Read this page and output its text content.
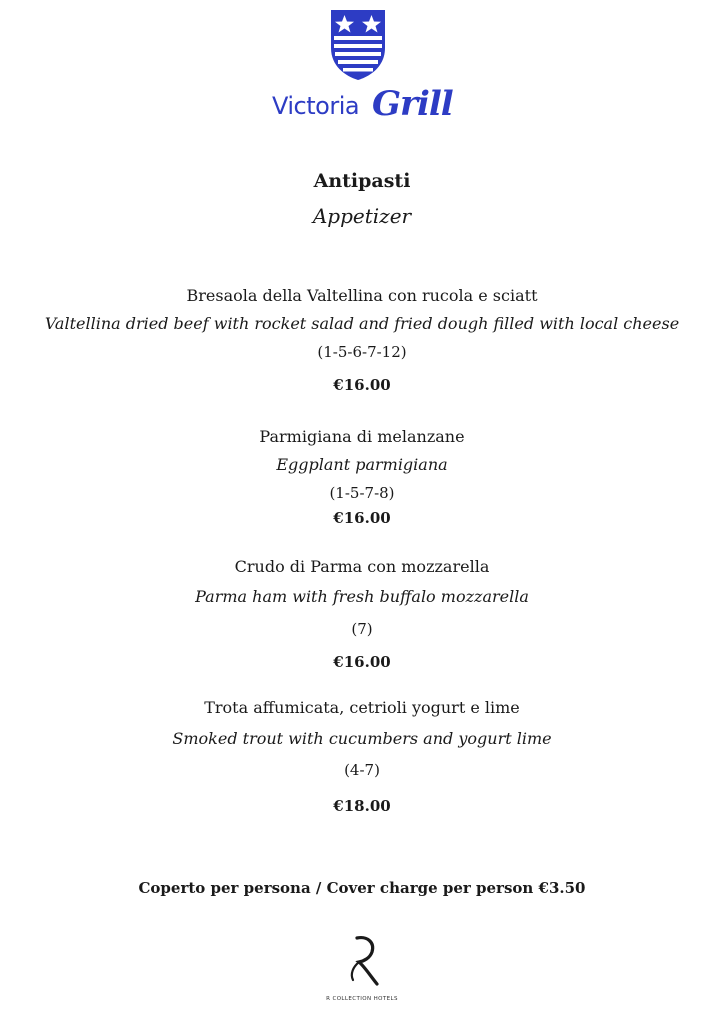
Victoria Grill
Antipasti
Appetizer
Bresaola della Valtellina con rucola e sciatt
Valtellina dried beef with rocket salad and fried dough filled with local cheese
(1-5-6-7-12)
€16.00
Parmigiana di melanzane
Eggplant parmigiana
(1-5-7-8)
€16.00
Crudo di Parma con mozzarella
Parma ham with fresh buffalo mozzarella
(7)
€16.00
Trota affumicata, cetrioli yogurt e lime
Smoked trout with cucumbers and yogurt lime
(4-7)
€18.00
Coperto per persona / Cover charge per person €3.50
R COLLECTION HOTELS
